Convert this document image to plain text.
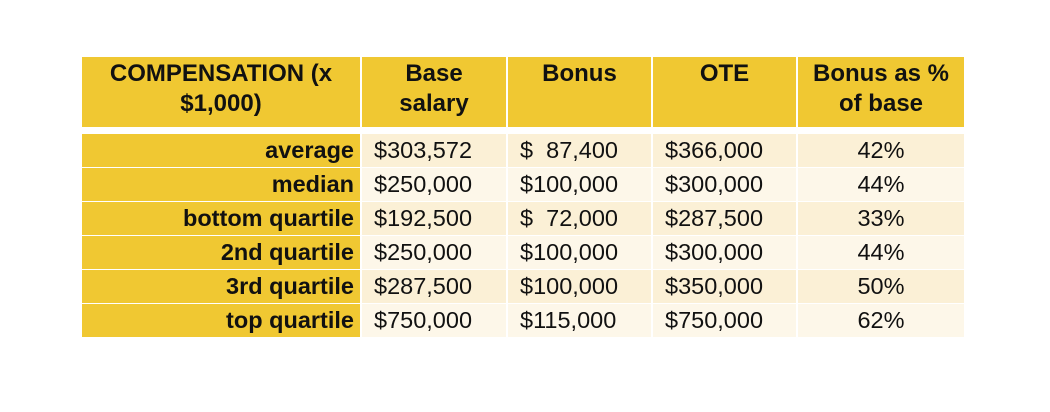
COMPENSATION (x $1,000)	Base salary	Bonus	OTE	Bonus as % of base

average	$303,572	$  87,400	$366,000	42%
median	$250,000	$100,000	$300,000	44%
bottom quartile	$192,500	$  72,000	$287,500	33%
2nd quartile	$250,000	$100,000	$300,000	44%
3rd quartile	$287,500	$100,000	$350,000	50%
top quartile	$750,000	$115,000	$750,000	62%
